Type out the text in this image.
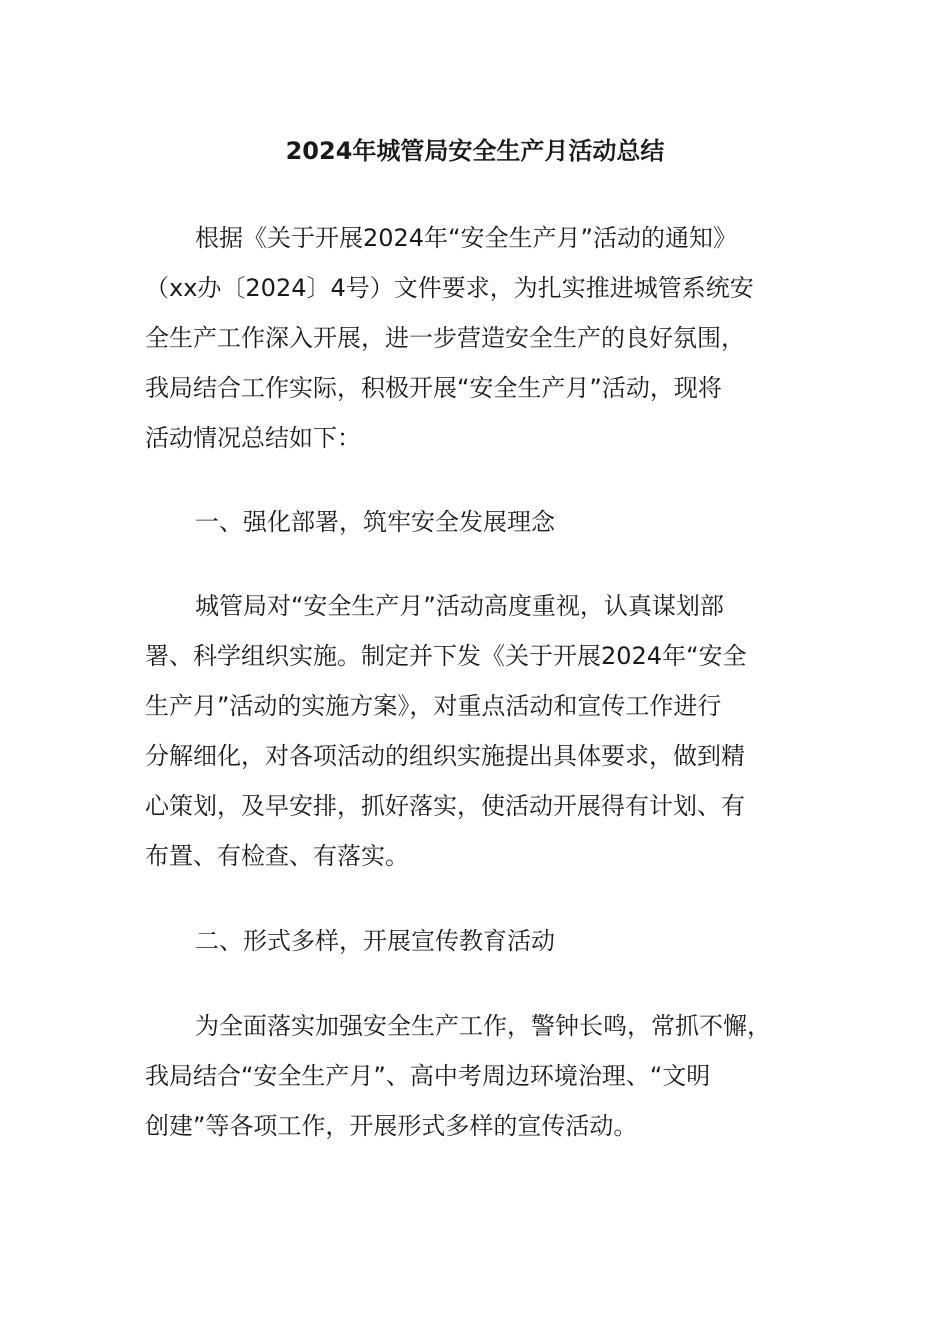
2024年城管局安全生产月活动总结

根据《关于开展2024年“安全生产月”活动的通知》
（xx办〔2024〕4号）文件要求，为扎实推进城管系统安
全生产工作深入开展，进一步营造安全生产的良好氛围，
我局结合工作实际，积极开展“安全生产月”活动，现将
活动情况总结如下：

一、强化部署，筑牢安全发展理念

城管局对“安全生产月”活动高度重视，认真谋划部
署、科学组织实施。制定并下发《关于开展2024年“安全
生产月”活动的实施方案》，对重点活动和宣传工作进行
分解细化，对各项活动的组织实施提出具体要求，做到精
心策划，及早安排，抓好落实，使活动开展得有计划、有
布置、有检查、有落实。

二、形式多样，开展宣传教育活动

为全面落实加强安全生产工作，警钟长鸣，常抓不懈，
我局结合“安全生产月”、高中考周边环境治理、“文明
创建”等各项工作，开展形式多样的宣传活动。
